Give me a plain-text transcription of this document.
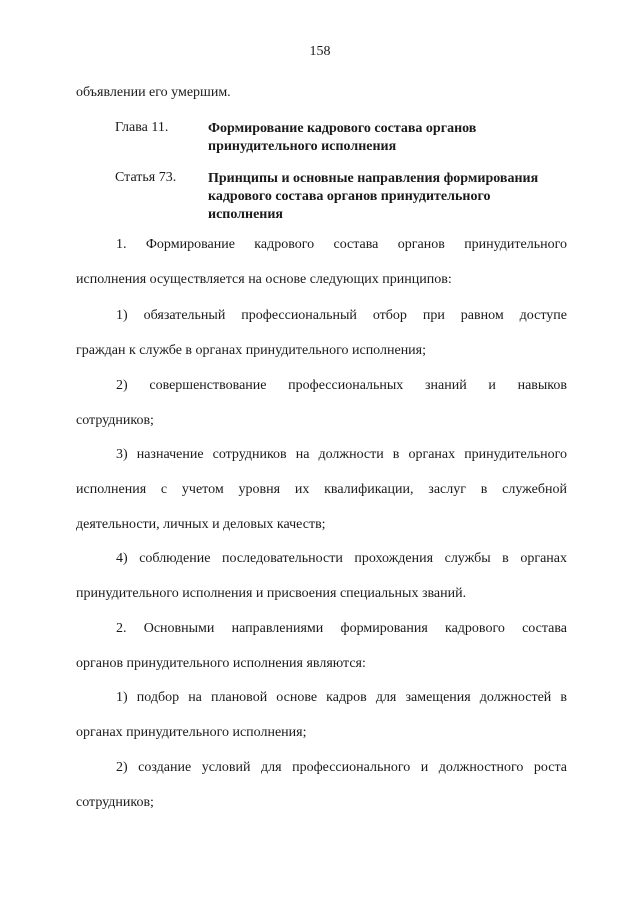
158
объявлении его умершим.
Глава 11.	Формирование кадрового состава органов
принудительного исполнения
Статья 73. Принципы и основные направления формирования
кадрового состава органов принудительного
исполнения
1. Формирование кадрового состава органов принудительного
исполнения осуществляется на основе следующих принципов:
1) обязательный профессиональный отбор при равном доступе
граждан к службе в органах принудительного исполнения;
2) совершенствование профессиональных знаний и навыков
сотрудников;
3) назначение сотрудников на должности в органах принудительного
исполнения с учетом уровня их квалификации, заслуг в служебной
деятельности, личных и деловых качеств;
4) соблюдение последовательности прохождения службы в органах
принудительного исполнения и присвоения специальных званий.
2. Основными направлениями формирования кадрового состава
органов принудительного исполнения являются:
1) подбор на плановой основе кадров для замещения должностей в
органах принудительного исполнения;
2) создание условий для профессионального и должностного роста
сотрудников;
